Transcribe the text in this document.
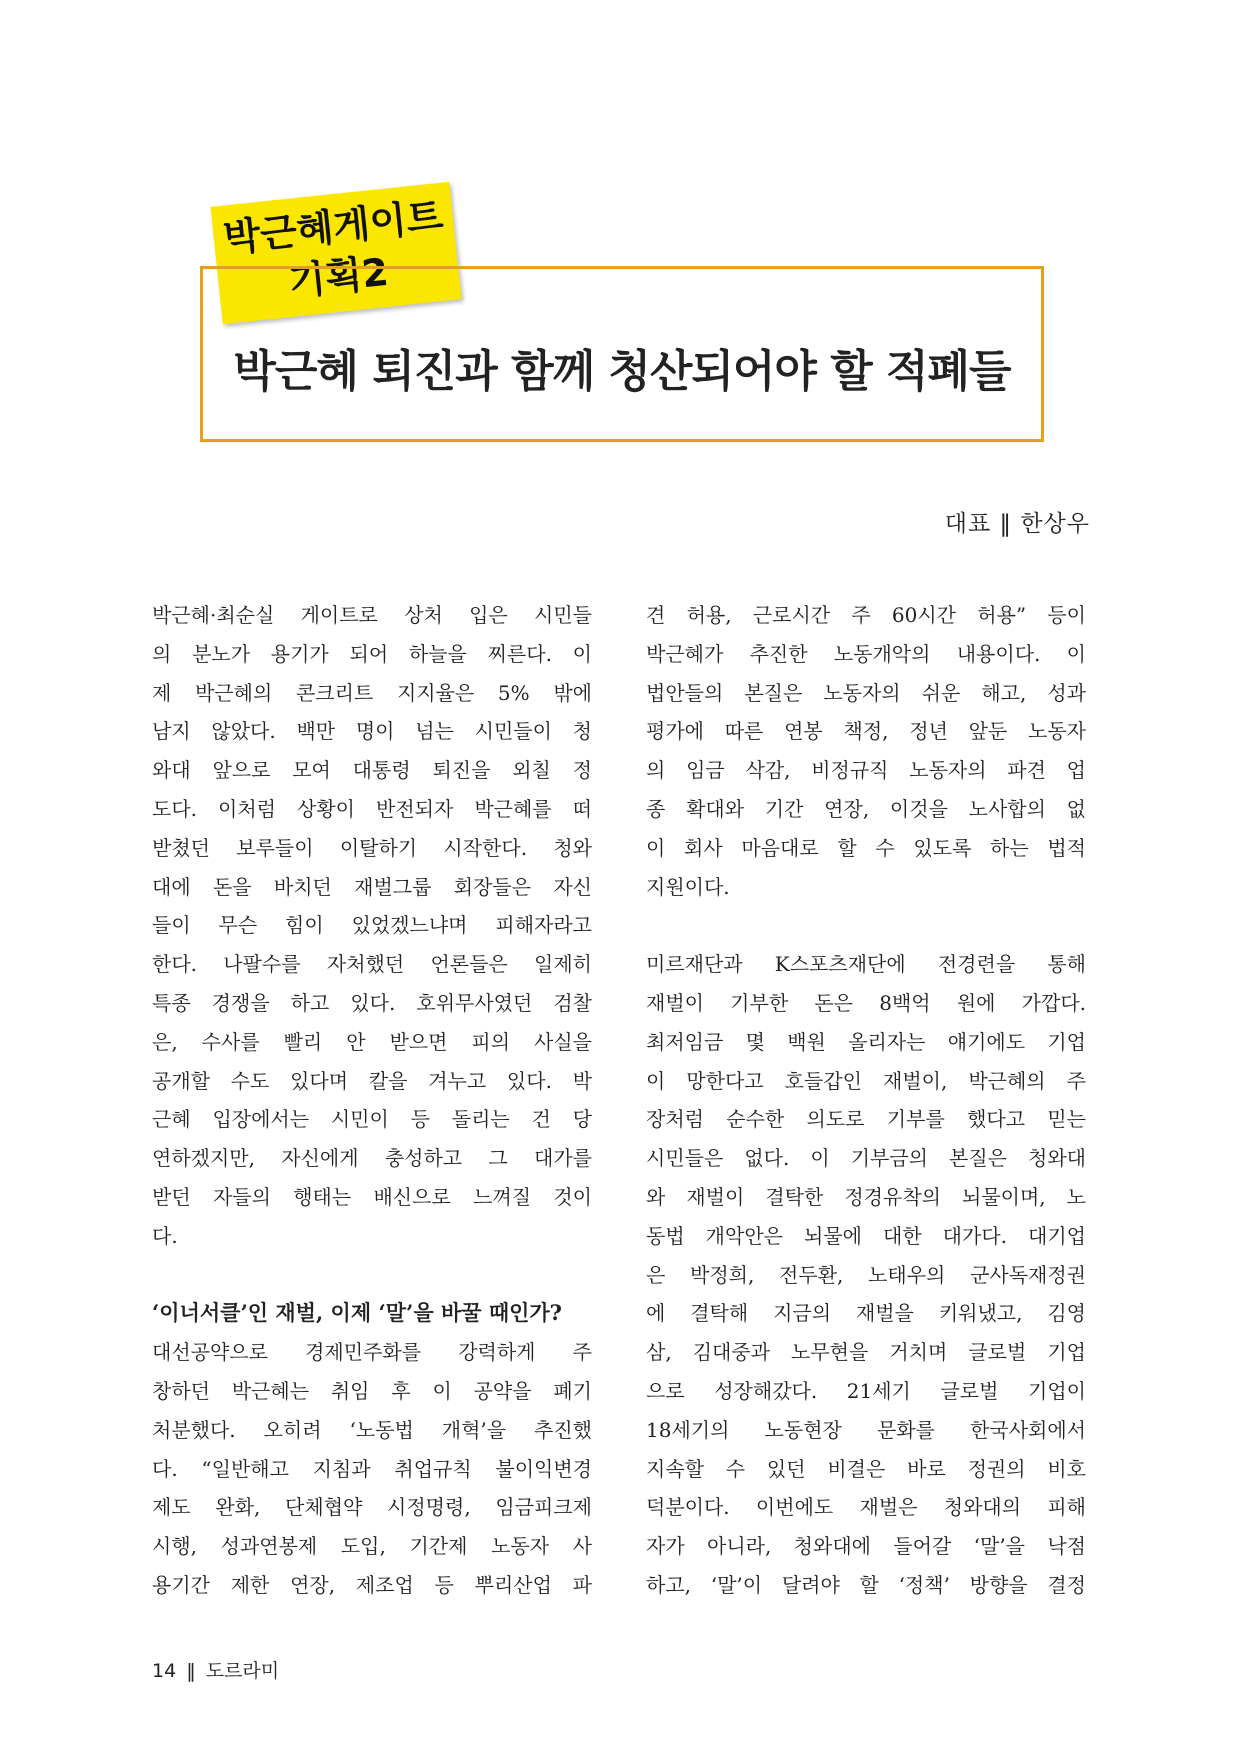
박근혜게이트
기획2
박근혜 퇴진과 함께 청산되어야 할 적폐들
대표 ‖ 한상우
박근혜·최순실 게이트로 상처 입은 시민들
의 분노가 용기가 되어 하늘을 찌른다. 이
제 박근혜의 콘크리트 지지율은 5% 밖에
남지 않았다. 백만 명이 넘는 시민들이 청
와대 앞으로 모여 대통령 퇴진을 외칠 정
도다. 이처럼 상황이 반전되자 박근혜를 떠
받쳤던 보루들이 이탈하기 시작한다. 청와
대에 돈을 바치던 재벌그룹 회장들은 자신
들이 무슨 힘이 있었겠느냐며 피해자라고
한다. 나팔수를 자처했던 언론들은 일제히
특종 경쟁을 하고 있다. 호위무사였던 검찰
은, 수사를 빨리 안 받으면 피의 사실을
공개할 수도 있다며 칼을 겨누고 있다. 박
근혜 입장에서는 시민이 등 돌리는 건 당
연하겠지만, 자신에게 충성하고 그 대가를
받던 자들의 행태는 배신으로 느껴질 것이
다.

‘이너서클’인 재벌, 이제 ‘말’을 바꿀 때인가?
대선공약으로 경제민주화를 강력하게 주
창하던 박근혜는 취임 후 이 공약을 폐기
처분했다. 오히려 ‘노동법 개혁’을 추진했
다. “일반해고 지침과 취업규칙 불이익변경
제도 완화, 단체협약 시정명령, 임금피크제
시행, 성과연봉제 도입, 기간제 노동자 사
용기간 제한 연장, 제조업 등 뿌리산업 파
견 허용, 근로시간 주 60시간 허용” 등이
박근혜가 추진한 노동개악의 내용이다. 이
법안들의 본질은 노동자의 쉬운 해고, 성과
평가에 따른 연봉 책정, 정년 앞둔 노동자
의 임금 삭감, 비정규직 노동자의 파견 업
종 확대와 기간 연장, 이것을 노사합의 없
이 회사 마음대로 할 수 있도록 하는 법적
지원이다.

미르재단과 K스포츠재단에 전경련을 통해
재벌이 기부한 돈은 8백억 원에 가깝다.
최저임금 몇 백원 올리자는 얘기에도 기업
이 망한다고 호들갑인 재벌이, 박근혜의 주
장처럼 순수한 의도로 기부를 했다고 믿는
시민들은 없다. 이 기부금의 본질은 청와대
와 재벌이 결탁한 정경유착의 뇌물이며, 노
동법 개악안은 뇌물에 대한 대가다. 대기업
은 박정희, 전두환, 노태우의 군사독재정권
에 결탁해 지금의 재벌을 키워냈고, 김영
삼, 김대중과 노무현을 거치며 글로벌 기업
으로 성장해갔다. 21세기 글로벌 기업이
18세기의 노동현장 문화를 한국사회에서
지속할 수 있던 비결은 바로 정권의 비호
덕분이다. 이번에도 재벌은 청와대의 피해
자가 아니라, 청와대에 들어갈 ‘말’을 낙점
하고, ‘말’이 달려야 할 ‘정책’ 방향을 결정
14 ‖ 도르라미
